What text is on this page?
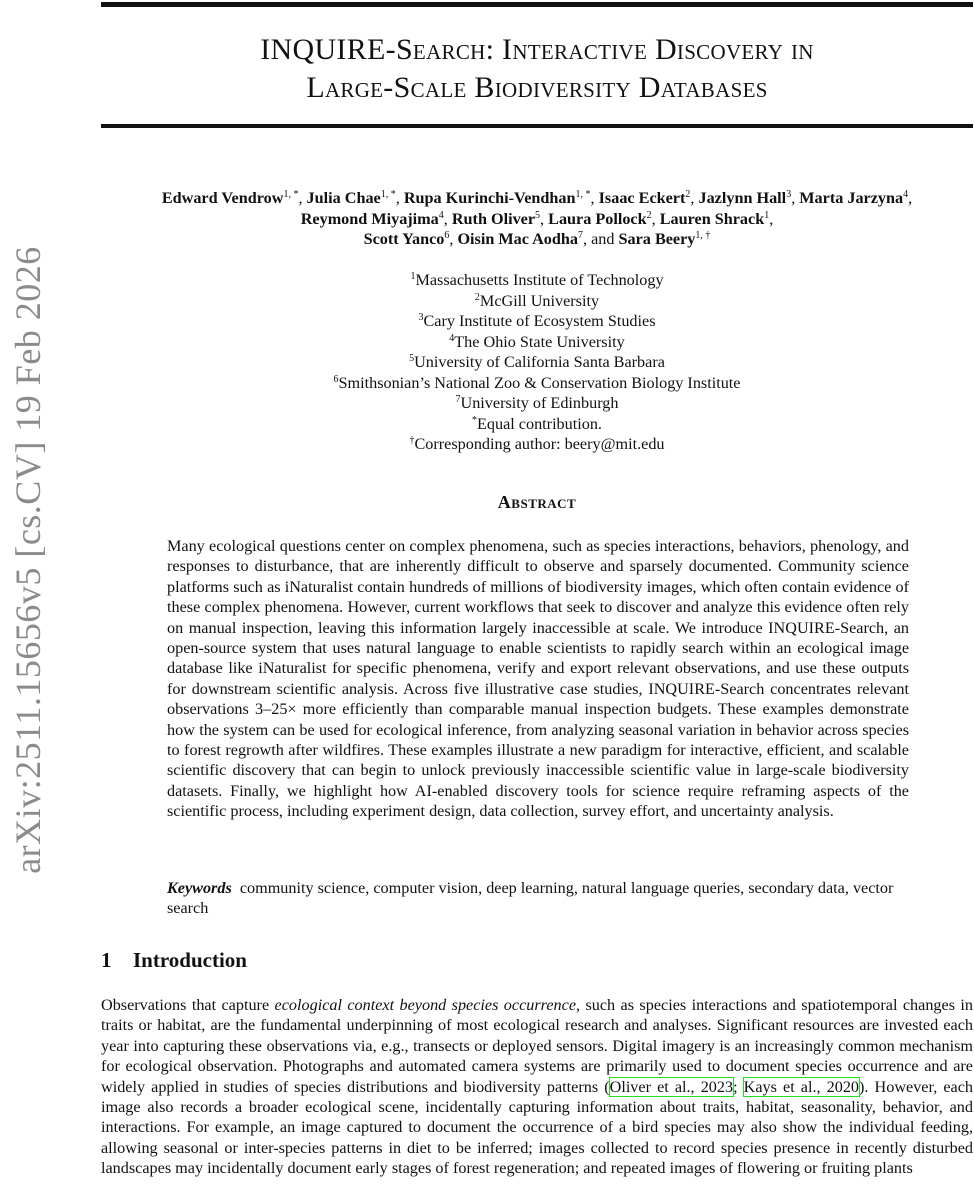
arXiv:2511.15656v5 [cs.CV] 19 Feb 2026
INQUIRE-Search: Interactive Discovery in
Large-Scale Biodiversity Databases
Edward Vendrow$^{1, *}$, Julia Chae$^{1, *}$, Rupa Kurinchi-Vendhan$^{1, *}$, Isaac Eckert$^2$, Jazlynn Hall$^3$, Marta Jarzyna$^4$,
Reymond Miyajima$^4$, Ruth Oliver$^5$, Laura Pollock$^2$, Lauren Shrack$^1$,
Scott Yanco$^6$, Oisin Mac Aodha$^7$, and Sara Beery$^{1, \dagger}$
$^1$Massachusetts Institute of Technology
$^2$McGill University
$^3$Cary Institute of Ecosystem Studies
$^4$The Ohio State University
$^5$University of California Santa Barbara
$^6$Smithsonian’s National Zoo & Conservation Biology Institute
$^7$University of Edinburgh
*Equal contribution.
†Corresponding author: beery@mit.edu
Abstract
Many ecological questions center on complex phenomena, such as species interactions, behaviors, phenology, and responses to disturbance, that are inherently difficult to observe and sparsely documented. Community science platforms such as iNaturalist contain hundreds of millions of biodiversity images, which often contain evidence of these complex phenomena. However, current workflows that seek to discover and analyze this evidence often rely on manual inspection, leaving this information largely inaccessible at scale. We introduce INQUIRE-Search, an open-source system that uses natural language to enable scientists to rapidly search within an ecological image database like iNaturalist for specific phenomena, verify and export relevant observations, and use these outputs for downstream scientific analysis. Across five illustrative case studies, INQUIRE-Search concentrates relevant observations 3–25× more efficiently than comparable manual inspection budgets. These examples demonstrate how the system can be used for ecological inference, from analyzing seasonal variation in behavior across species to forest regrowth after wildfires. These examples illustrate a new paradigm for interactive, efficient, and scalable scientific discovery that can begin to unlock previously inaccessible scientific value in large-scale biodiversity datasets. Finally, we highlight how AI-enabled discovery tools for science require reframing aspects of the scientific process, including experiment design, data collection, survey effort, and uncertainty analysis.
Keywords community science, computer vision, deep learning, natural language queries, secondary data, vector search
1 Introduction
Observations that capture ecological context beyond species occurrence, such as species interactions and spatiotemporal changes in traits or habitat, are the fundamental underpinning of most ecological research and analyses. Significant resources are invested each year into capturing these observations via, e.g., transects or deployed sensors. Digital imagery is an increasingly common mechanism for ecological observation. Photographs and automated camera systems are primarily used to document species occurrence and are widely applied in studies of species distributions and biodiversity patterns (Oliver et al., 2023; Kays et al., 2020). However, each image also records a broader ecological scene, incidentally capturing information about traits, habitat, seasonality, behavior, and interactions. For example, an image captured to document the occurrence of a bird species may also show the individual feeding, allowing seasonal or inter-species patterns in diet to be inferred; images collected to record species presence in recently disturbed landscapes may incidentally document early stages of forest regeneration; and repeated images of flowering or fruiting plants
